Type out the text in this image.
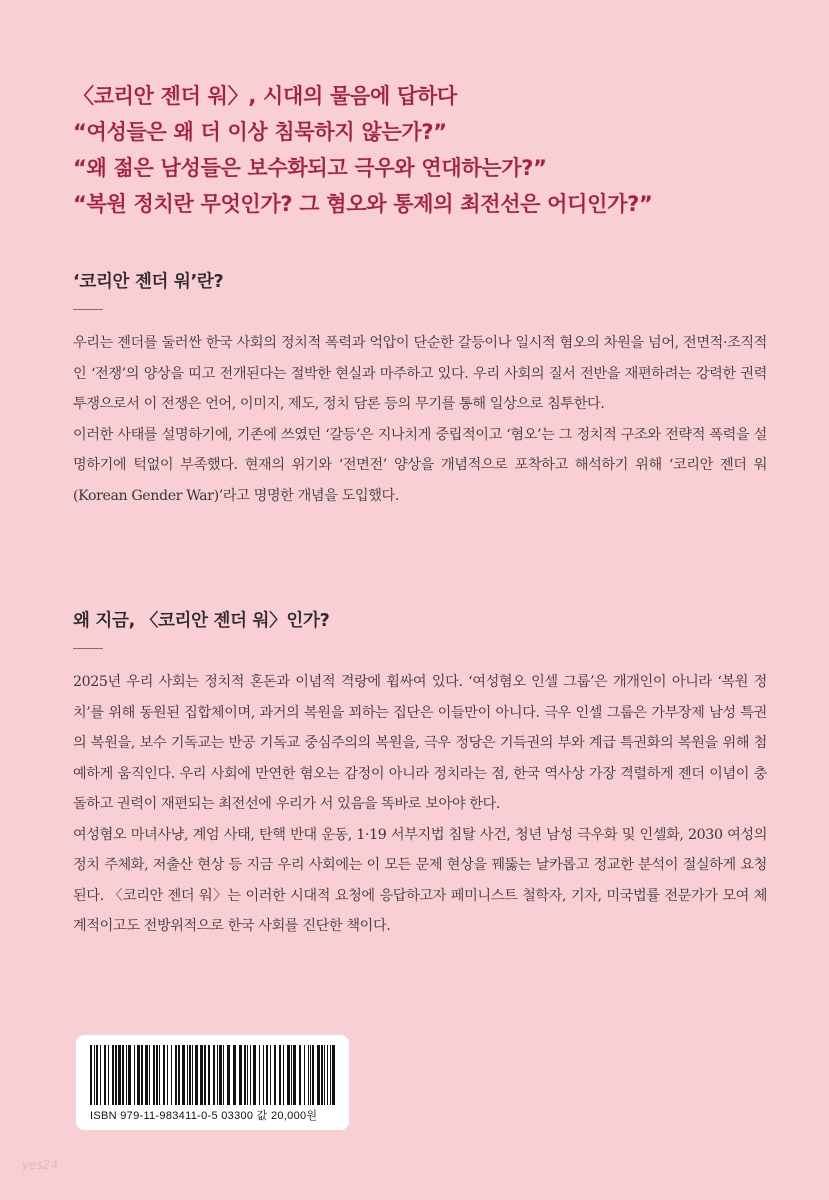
〈코리안 젠더 워〉, 시대의 물음에 답하다
“여성들은 왜 더 이상 침묵하지 않는가?”
“왜 젊은 남성들은 보수화되고 극우와 연대하는가?”
“복원 정치란 무엇인가? 그 혐오와 통제의 최전선은 어디인가?”
‘코리안 젠더 워’란?

우리는 젠더를 둘러싼 한국 사회의 정치적 폭력과 억압이 단순한 갈등이나 일시적 혐오의 차원을 넘어, 전면적·조직적인 ‘전쟁’의 양상을 띠고 전개된다는 절박한 현실과 마주하고 있다. 우리 사회의 질서 전반을 재편하려는 강력한 권력 투쟁으로서 이 전쟁은 언어, 이미지, 제도, 정치 담론 등의 무기를 통해 일상으로 침투한다.

이러한 사태를 설명하기에, 기존에 쓰였던 ‘갈등’은 지나치게 중립적이고 ‘혐오’는 그 정치적 구조와 전략적 폭력을 설명하기에 턱없이 부족했다. 현재의 위기와 ‘전면전’ 양상을 개념적으로 포착하고 해석하기 위해 ‘코리안 젠더 워(Korean Gender War)’라고 명명한 개념을 도입했다.

왜 지금, 〈코리안 젠더 워〉인가?

2025년 우리 사회는 정치적 혼돈과 이념적 격랑에 휩싸여 있다. ‘여성혐오 인셀 그룹’은 개개인이 아니라 ‘복원 정치’를 위해 동원된 집합체이며, 과거의 복원을 꾀하는 집단은 이들만이 아니다. 극우 인셀 그룹은 가부장제 남성 특권의 복원을, 보수 기독교는 반공 기독교 중심주의의 복원을, 극우 정당은 기득권의 부와 계급 특권화의 복원을 위해 첨예하게 움직인다. 우리 사회에 만연한 혐오는 감정이 아니라 정치라는 점, 한국 역사상 가장 격렬하게 젠더 이념이 충돌하고 권력이 재편되는 최전선에 우리가 서 있음을 똑바로 보아야 한다.

여성혐오 마녀사냥, 계엄 사태, 탄핵 반대 운동, 1·19 서부지법 침탈 사건, 청년 남성 극우화 및 인셀화, 2030 여성의 정치 주체화, 저출산 현상 등 지금 우리 사회에는 이 모든 문제 현상을 꿰뚫는 날카롭고 정교한 분석이 절실하게 요청된다. 〈코리안 젠더 워〉는 이러한 시대적 요청에 응답하고자 페미니스트 철학자, 기자, 미국법률 전문가가 모여 체계적이고도 전방위적으로 한국 사회를 진단한 책이다.

ISBN 979-11-983411-0-5 03300 값 20,000원
yes24
